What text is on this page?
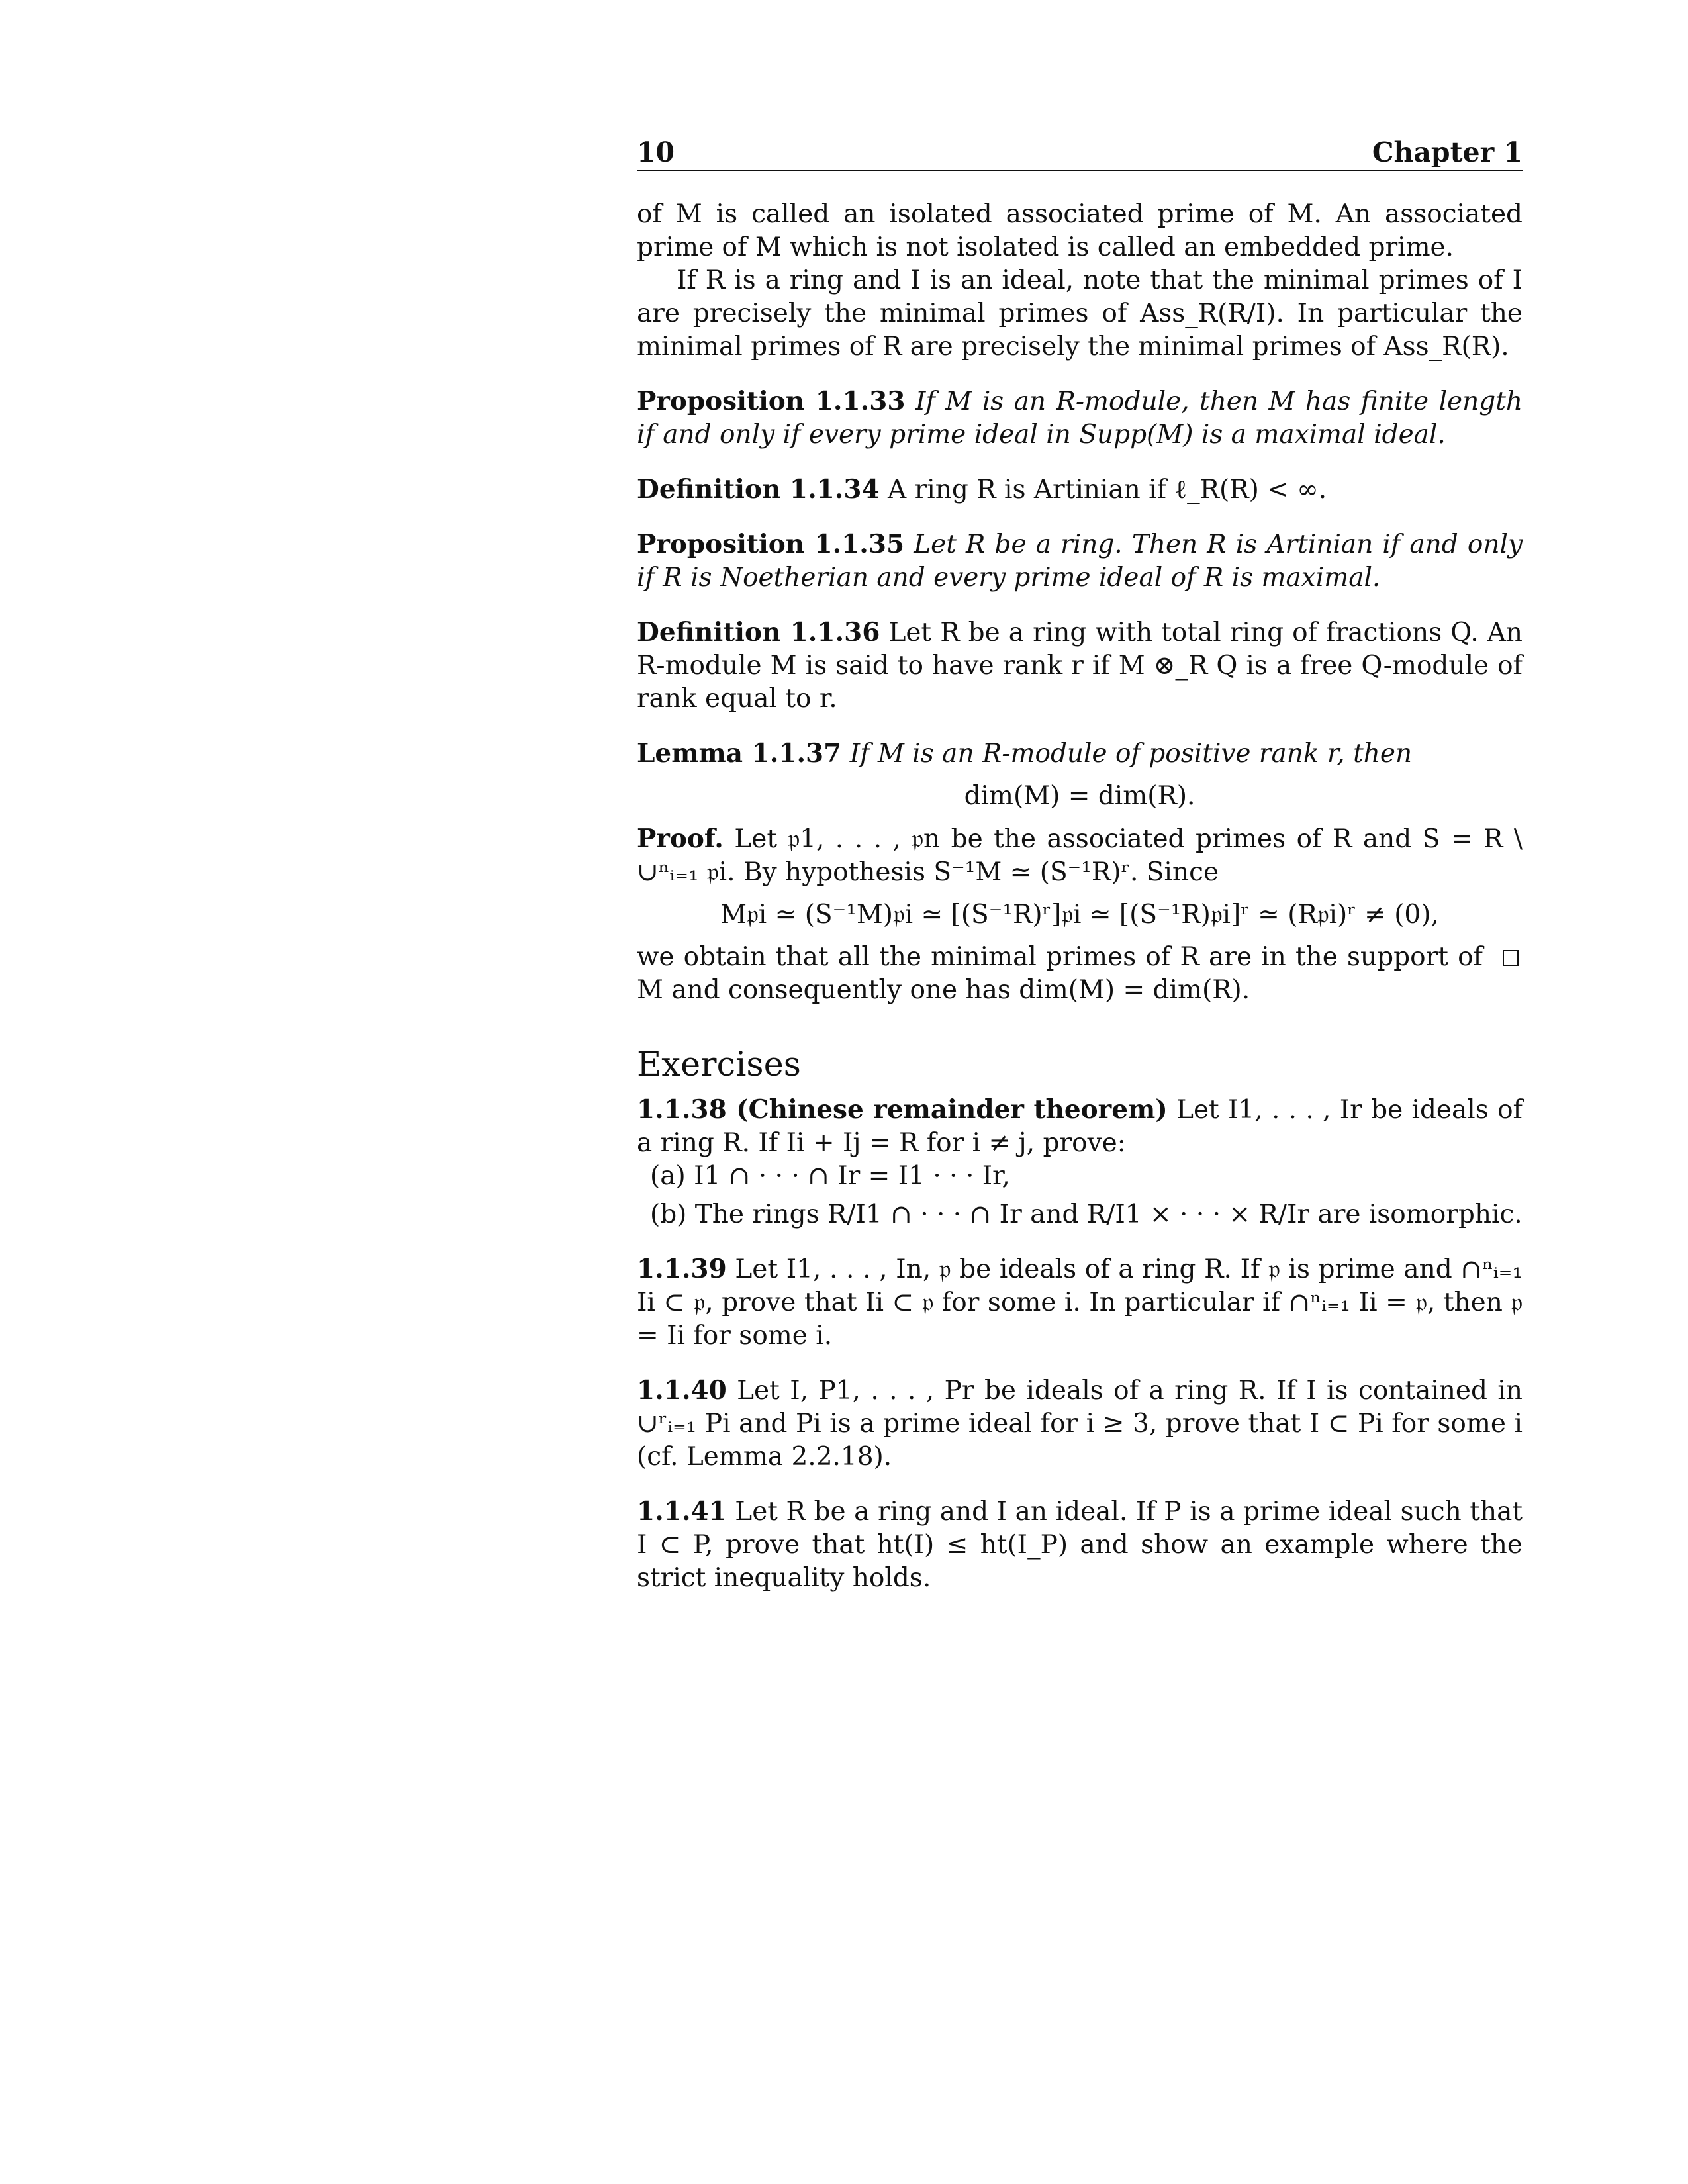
10	Chapter 1

of M is called an isolated associated prime of M. An associated prime of M which is not isolated is called an embedded prime.

If R is a ring and I is an ideal, note that the minimal primes of I are precisely the minimal primes of Ass_R(R/I). In particular the minimal primes of R are precisely the minimal primes of Ass_R(R).

Proposition 1.1.33 If M is an R-module, then M has finite length if and only if every prime ideal in Supp(M) is a maximal ideal.

Definition 1.1.34 A ring R is Artinian if ℓ_R(R) < ∞.

Proposition 1.1.35 Let R be a ring. Then R is Artinian if and only if R is Noetherian and every prime ideal of R is maximal.

Definition 1.1.36 Let R be a ring with total ring of fractions Q. An R-module M is said to have rank r if M ⊗_R Q is a free Q-module of rank equal to r.

Lemma 1.1.37 If M is an R-module of positive rank r, then

dim(M) = dim(R).

Proof. Let 𝔭1, . . . , 𝔭n be the associated primes of R and S = R \ ∪ⁿᵢ₌₁ 𝔭i. By hypothesis S⁻¹M ≃ (S⁻¹R)ʳ. Since

M𝔭i ≃ (S⁻¹M)𝔭i ≃ [(S⁻¹R)ʳ]𝔭i ≃ [(S⁻¹R)𝔭i]ʳ ≃ (R𝔭i)ʳ ≠ (0),

we obtain that all the minimal primes of R are in the support of M and consequently one has dim(M) = dim(R).

Exercises

1.1.38 (Chinese remainder theorem) Let I1, . . . , Ir be ideals of a ring R. If Ii + Ij = R for i ≠ j, prove:

(a) I1 ∩ · · · ∩ Ir = I1 · · · Ir,

(b) The rings R/I1 ∩ · · · ∩ Ir and R/I1 × · · · × R/Ir are isomorphic.

1.1.39 Let I1, . . . , In, 𝔭 be ideals of a ring R. If 𝔭 is prime and ∩ⁿᵢ₌₁ Ii ⊂ 𝔭, prove that Ii ⊂ 𝔭 for some i. In particular if ∩ⁿᵢ₌₁ Ii = 𝔭, then 𝔭 = Ii for some i.

1.1.40 Let I, P1, . . . , Pr be ideals of a ring R. If I is contained in ∪ʳᵢ₌₁ Pi and Pi is a prime ideal for i ≥ 3, prove that I ⊂ Pi for some i (cf. Lemma 2.2.18).

1.1.41 Let R be a ring and I an ideal. If P is a prime ideal such that I ⊂ P, prove that ht(I) ≤ ht(I_P) and show an example where the strict inequality holds.
